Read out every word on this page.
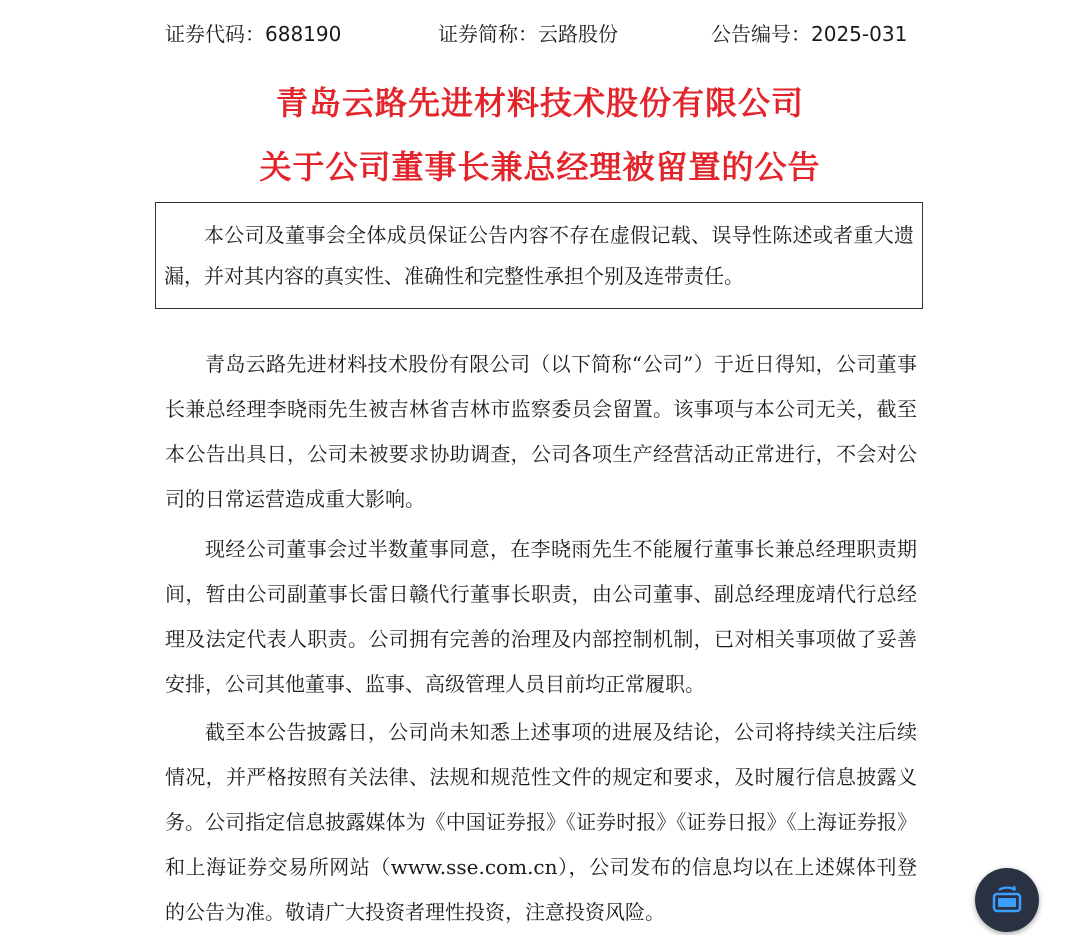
证券代码：688190	证券简称：云路股份	公告编号：2025-031
青岛云路先进材料技术股份有限公司
关于公司董事长兼总经理被留置的公告

本公司及董事会全体成员保证公告内容不存在虚假记载、误导性陈述或者重大遗漏，并对其内容的真实性、准确性和完整性承担个别及连带责任。

青岛云路先进材料技术股份有限公司（以下简称“公司”）于近日得知，公司董事长兼总经理李晓雨先生被吉林省吉林市监察委员会留置。该事项与本公司无关，截至本公告出具日，公司未被要求协助调查，公司各项生产经营活动正常进行，不会对公司的日常运营造成重大影响。

现经公司董事会过半数董事同意，在李晓雨先生不能履行董事长兼总经理职责期间，暂由公司副董事长雷日赣代行董事长职责，由公司董事、副总经理庞靖代行总经理及法定代表人职责。公司拥有完善的治理及内部控制机制，已对相关事项做了妥善安排，公司其他董事、监事、高级管理人员目前均正常履职。

截至本公告披露日，公司尚未知悉上述事项的进展及结论，公司将持续关注后续情况，并严格按照有关法律、法规和规范性文件的规定和要求，及时履行信息披露义务。公司指定信息披露媒体为《中国证券报》《证券时报》《证券日报》《上海证券报》和上海证券交易所网站（www.sse.com.cn），公司发布的信息均以在上述媒体刊登的公告为准。敬请广大投资者理性投资，注意投资风险。
